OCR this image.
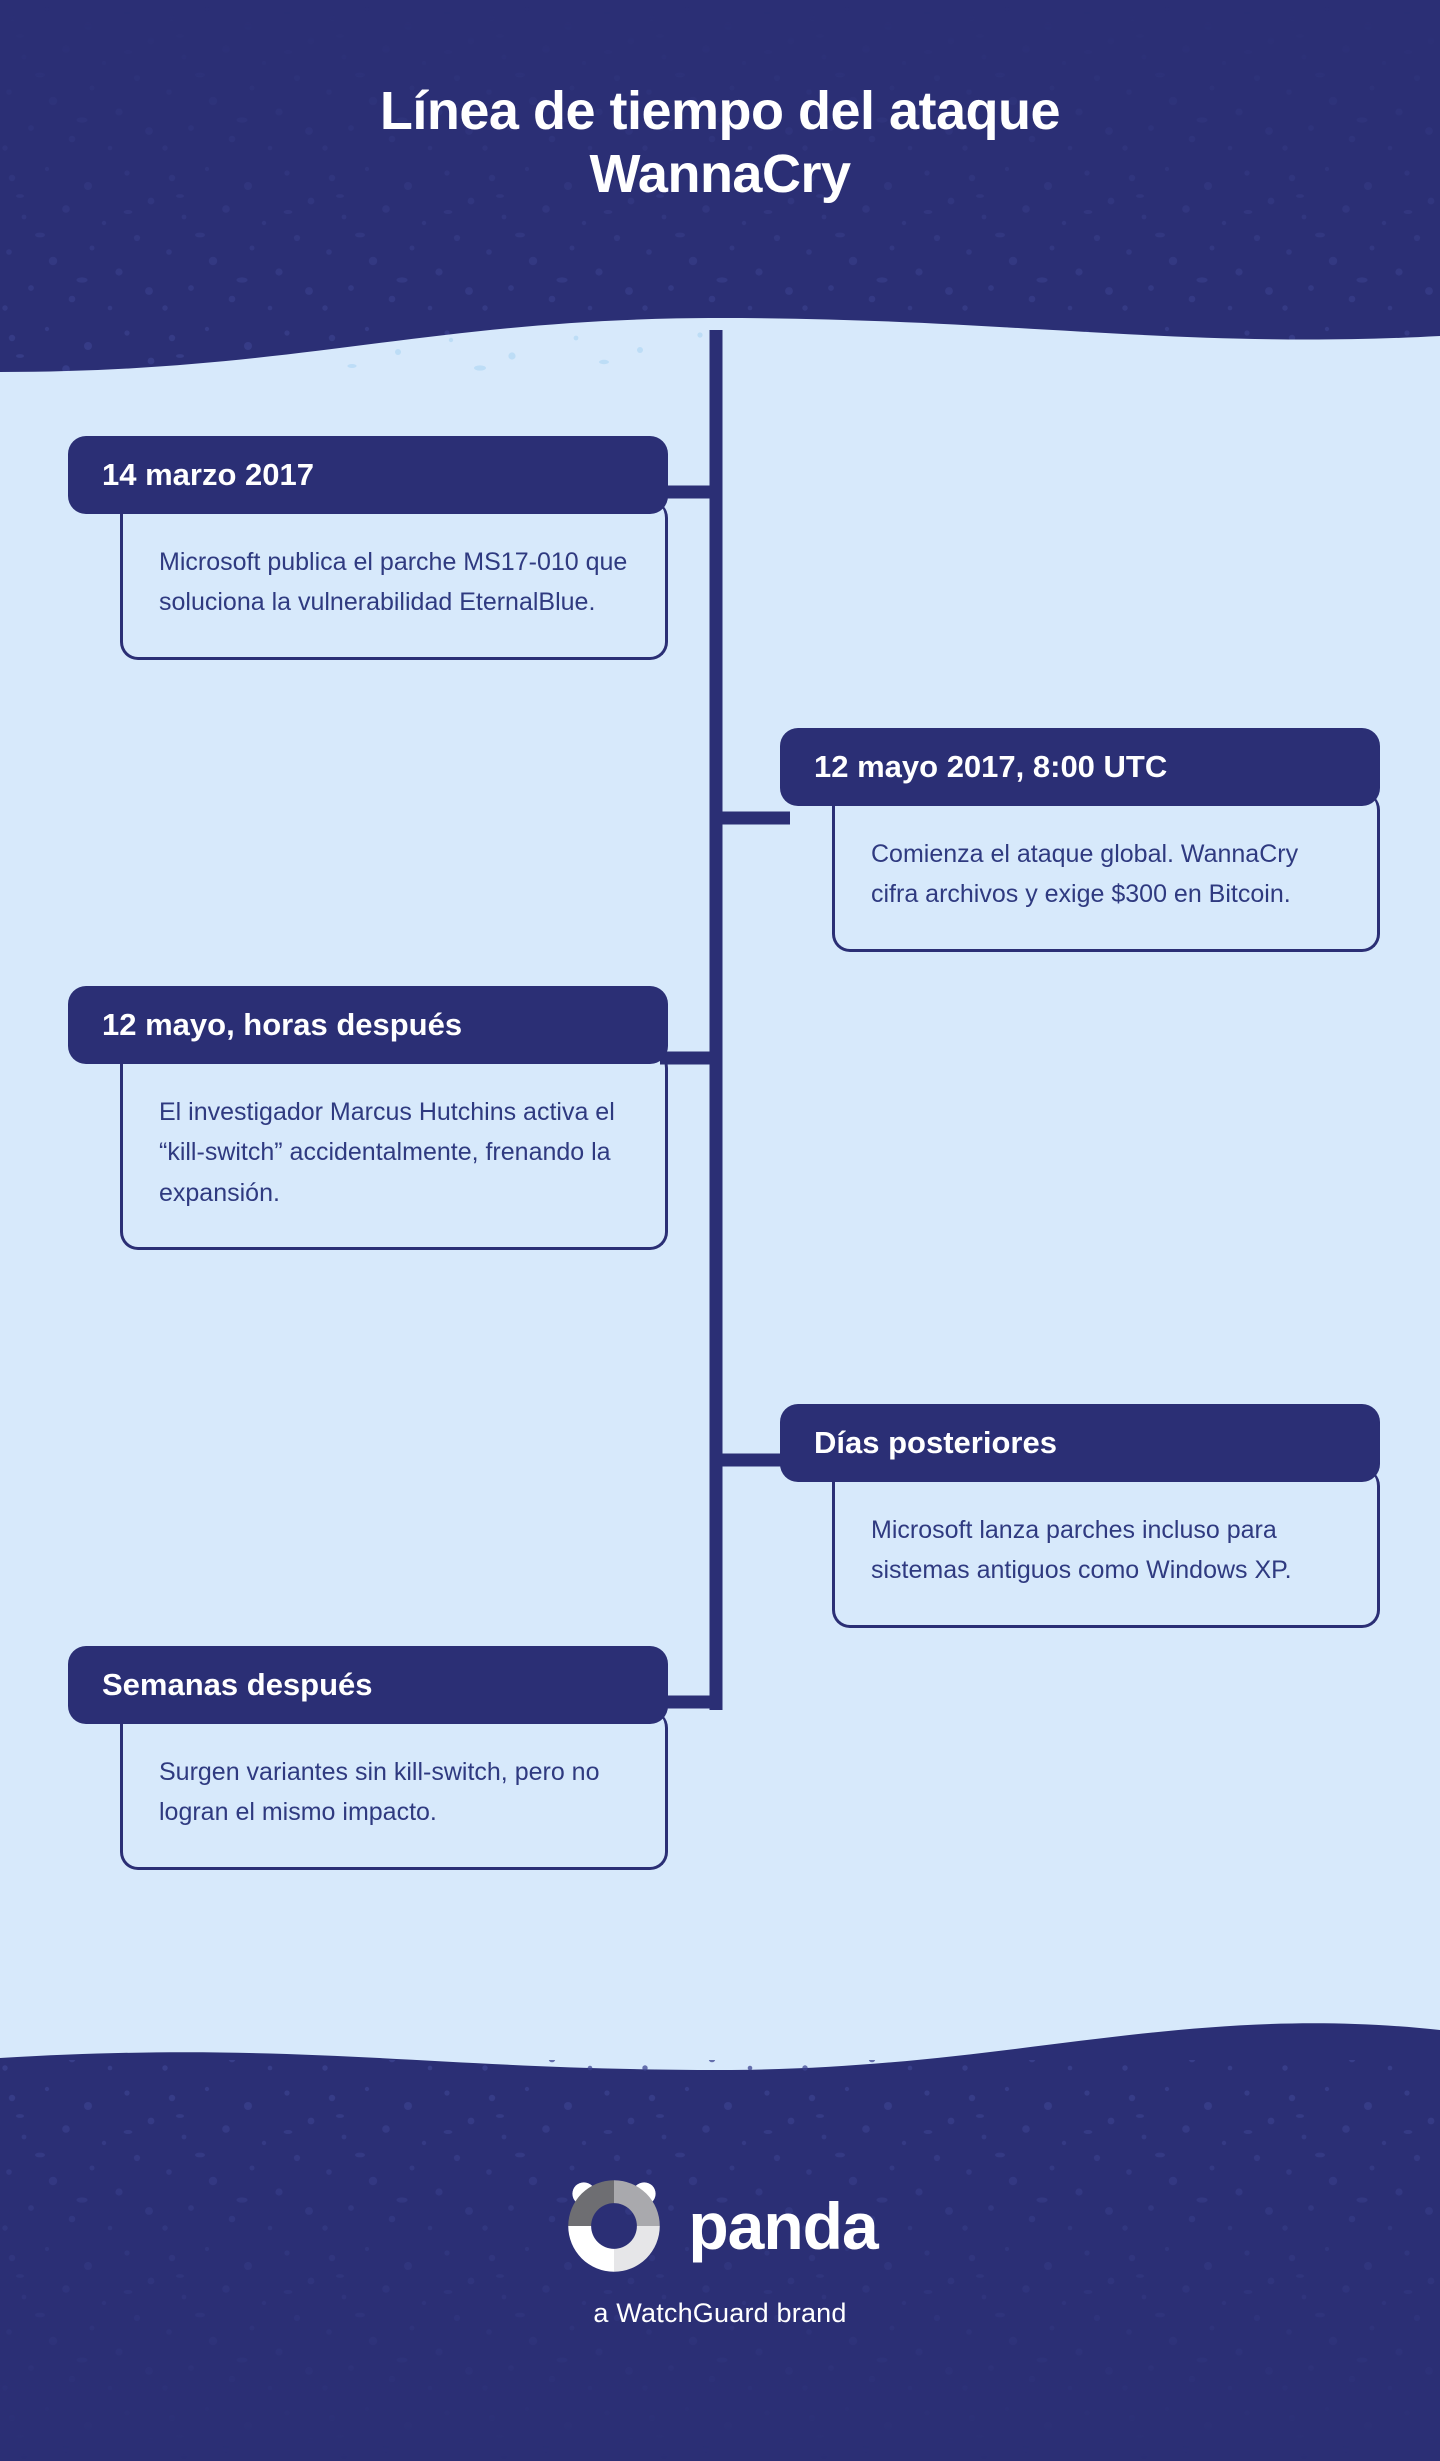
Línea de tiempo del ataque
WannaCry
14 marzo 2017
Microsoft publica el parche MS17-010 que soluciona la vulnerabilidad EternalBlue.
12 mayo 2017, 8:00 UTC
Comienza el ataque global. WannaCry cifra archivos y exige $300 en Bitcoin.
12 mayo, horas después
El investigador Marcus Hutchins activa el “kill-switch” accidentalmente, frenando la expansión.
Días posteriores
Microsoft lanza parches incluso para sistemas antiguos como Windows XP.
Semanas después
Surgen variantes sin kill-switch, pero no logran el mismo impacto.
panda
a WatchGuard brand
